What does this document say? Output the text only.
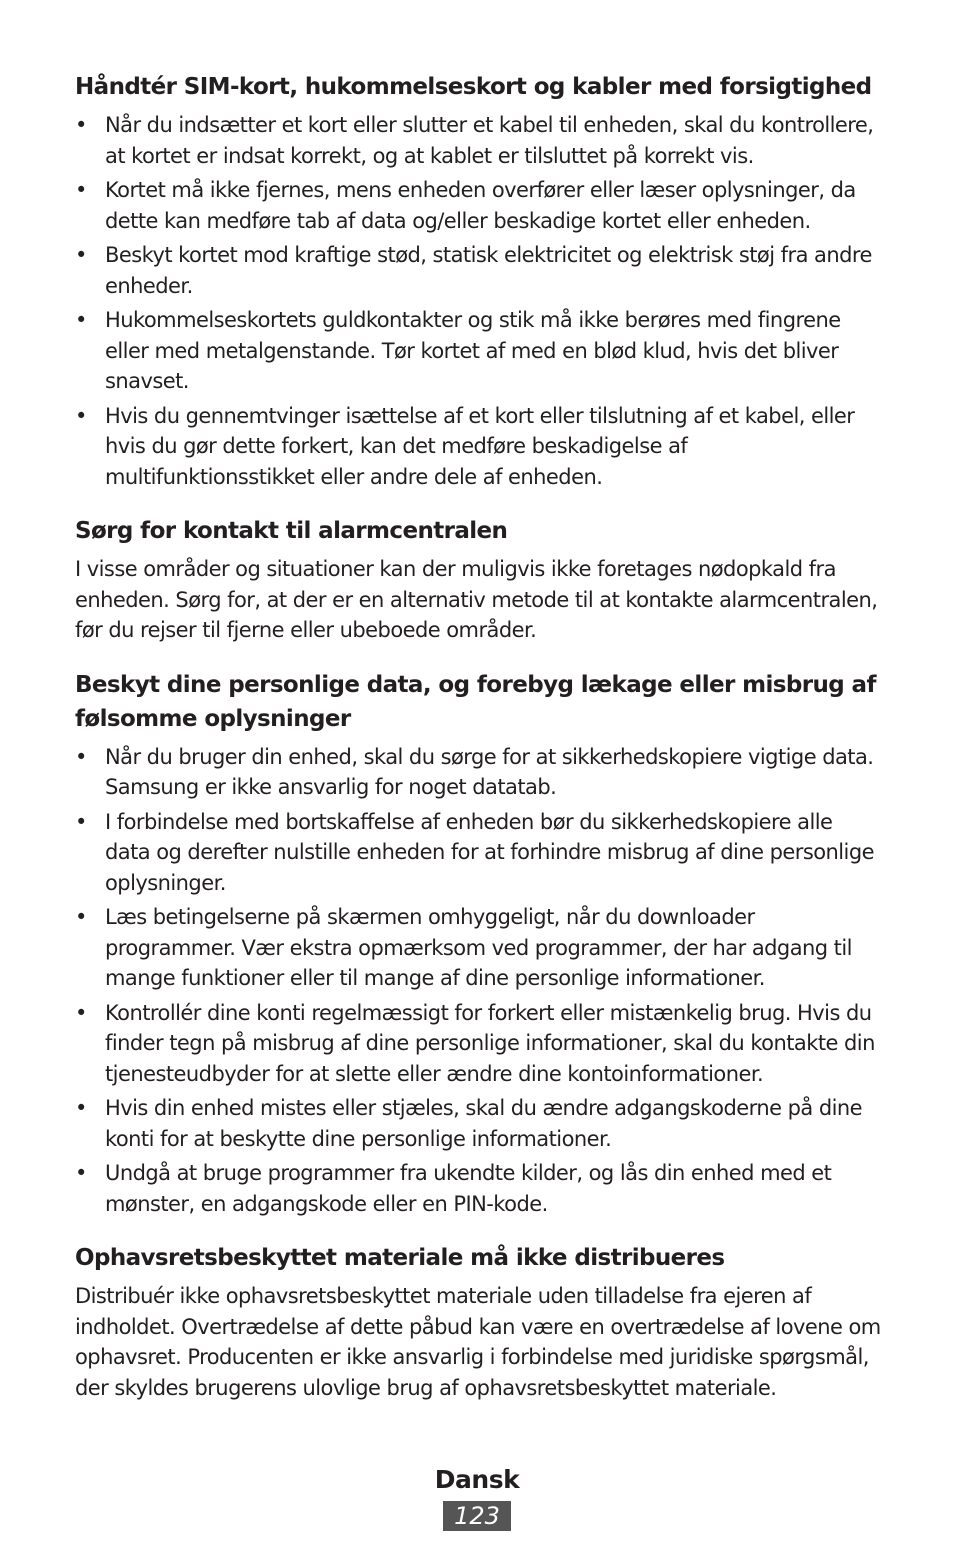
Håndtér SIM-kort, hukommelseskort og kabler med forsigtighed
• Når du indsætter et kort eller slutter et kabel til enheden, skal du kontrollere, at kortet er indsat korrekt, og at kablet er tilsluttet på korrekt vis.
• Kortet må ikke fjernes, mens enheden overfører eller læser oplysninger, da dette kan medføre tab af data og/eller beskadige kortet eller enheden.
• Beskyt kortet mod kraftige stød, statisk elektricitet og elektrisk støj fra andre enheder.
• Hukommelseskortets guldkontakter og stik må ikke berøres med fingrene eller med metalgenstande. Tør kortet af med en blød klud, hvis det bliver snavset.
• Hvis du gennemtvinger isættelse af et kort eller tilslutning af et kabel, eller hvis du gør dette forkert, kan det medføre beskadigelse af multifunktionsstikket eller andre dele af enheden.
Sørg for kontakt til alarmcentralen

I visse områder og situationer kan der muligvis ikke foretages nødopkald fra enheden. Sørg for, at der er en alternativ metode til at kontakte alarmcentralen, før du rejser til fjerne eller ubeboede områder.

Beskyt dine personlige data, og forebyg lækage eller misbrug af følsomme oplysninger
• Når du bruger din enhed, skal du sørge for at sikkerhedskopiere vigtige data. Samsung er ikke ansvarlig for noget datatab.
• I forbindelse med bortskaffelse af enheden bør du sikkerhedskopiere alle data og derefter nulstille enheden for at forhindre misbrug af dine personlige oplysninger.
• Læs betingelserne på skærmen omhyggeligt, når du downloader programmer. Vær ekstra opmærksom ved programmer, der har adgang til mange funktioner eller til mange af dine personlige informationer.
• Kontrollér dine konti regelmæssigt for forkert eller mistænkelig brug. Hvis du finder tegn på misbrug af dine personlige informationer, skal du kontakte din tjenesteudbyder for at slette eller ændre dine kontoinformationer.
• Hvis din enhed mistes eller stjæles, skal du ændre adgangskoderne på dine konti for at beskytte dine personlige informationer.
• Undgå at bruge programmer fra ukendte kilder, og lås din enhed med et mønster, en adgangskode eller en PIN-kode.
Ophavsretsbeskyttet materiale må ikke distribueres

Distribuér ikke ophavsretsbeskyttet materiale uden tilladelse fra ejeren af indholdet. Overtrædelse af dette påbud kan være en overtrædelse af lovene om ophavsret. Producenten er ikke ansvarlig i forbindelse med juridiske spørgsmål, der skyldes brugerens ulovlige brug af ophavsretsbeskyttet materiale.

Dansk
123
